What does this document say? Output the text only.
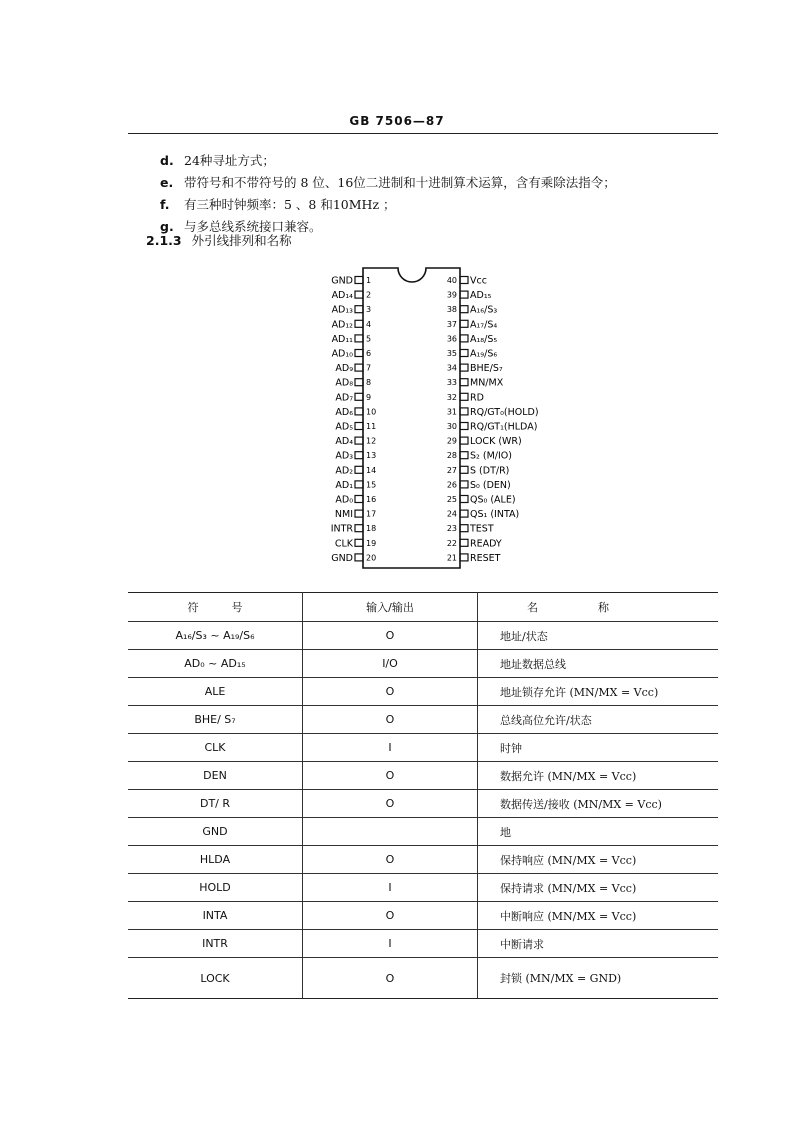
GB 7506—87
d. 24种寻址方式；
e. 带符号和不带符号的 8 位、16位二进制和十进制算术运算，含有乘除法指令；
f. 有三种时钟频率：5 、8 和10MHz ；
g. 与多总线系统接口兼容。
2.1.3 外引线排列和名称
GND 1
AD₁₄ 2
AD₁₃ 3
AD₁₂ 4
AD₁₁ 5
AD₁₀ 6
AD₉ 7
AD₈ 8
AD₇ 9
AD₆ 10
AD₅ 11
AD₄ 12
AD₃ 13
AD₂ 14
AD₁ 15
AD₀ 16
NMI 17
INTR 18
CLK 19
GND 20
40 Vcc
39 AD₁₅
38 A₁₆/S₃
37 A₁₇/S₄
36 A₁₈/S₅
35 A₁₉/S₆
34 BHE/S₇
33 MN/MX
32 RD
31 RQ/GT₀(HOLD)
30 RQ/GT₁(HLDA)
29 LOCK (WR)
28 S₂ (M/IO)
27 S (DT/R)
26 S₀ (DEN)
25 QS₀ (ALE)
24 QS₁ (INTA)
23 TEST
22 READY
21 RESET
符　　　号	输入/输出	名称
A₁₆/S₃ ~ A₁₉/S₆	O	地址/状态
AD₀ ~ AD₁₅	I/O	地址数据总线
ALE	O	地址锁存允许 (MN/MX = Vcc)
BHE/ S₇	O	总线高位允许/状态
CLK	I	时钟
DEN	O	数据允许 (MN/MX = Vcc)
DT/ R	O	数据传送/接收 (MN/MX = Vcc)
GND		地
HLDA	O	保持响应 (MN/MX = Vcc)
HOLD	I	保持请求 (MN/MX = Vcc)
INTA	O	中断响应 (MN/MX = Vcc)
INTR	I	中断请求
LOCK	O	封锁 (MN/MX = GND)
